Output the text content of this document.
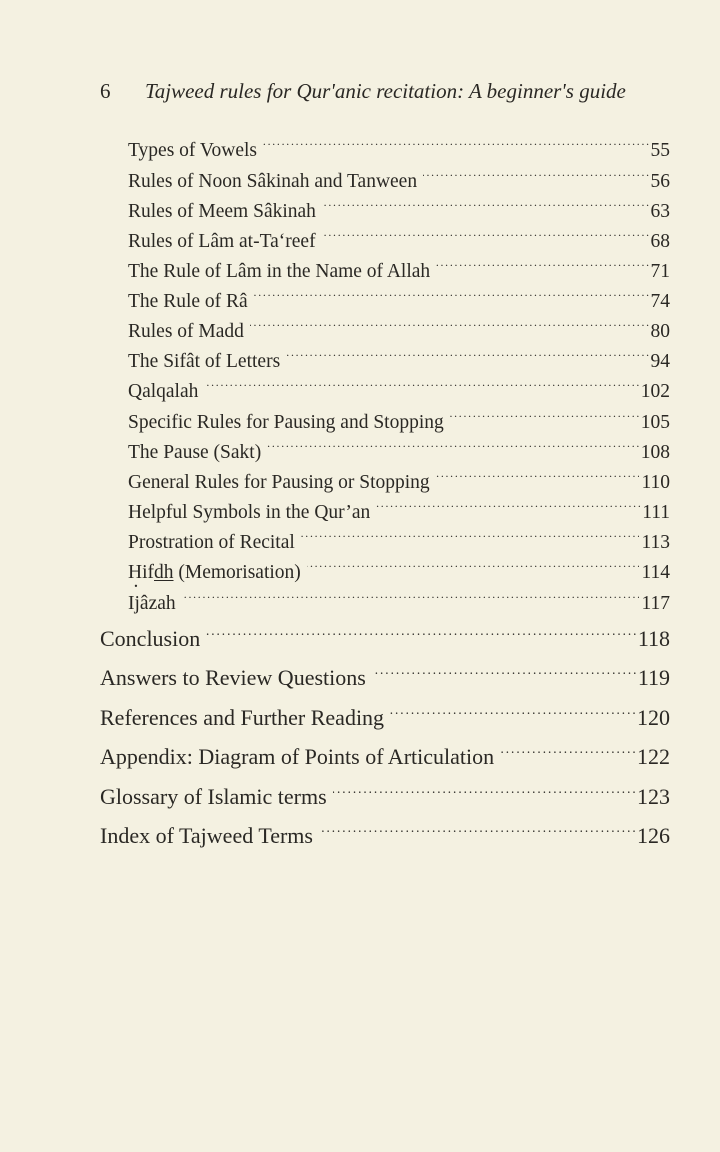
6 Tajweed rules for Qur'anic recitation: A beginner's guide
Types of Vowels . . .	55
Rules of Noon Sâkinah and Tanween . . .	56
Rules of Meem Sâkinah . . .	63
Rules of Lâm at-Ta‘reef . . .	68
The Rule of Lâm in the Name of Allah . . .	71
The Rule of Râ . . .	74
Rules of Madd . . .	80
The Sifât of Letters . . .	94
Qalqalah . . .	102
Specific Rules for Pausing and Stopping . . .	105
The Pause (Sakt) . . .	108
General Rules for Pausing or Stopping . . .	110
Helpful Symbols in the Qur’an . . .	111
Prostration of Recital . . .	113
H .ifdh (Memorisation) . . .	114
Ijâzah . . .	117
Conclusion . . .	118
Answers to Review Questions . . .	119
References and Further Reading . . .	120
Appendix: Diagram of Points of Articulation . . .	122
Glossary of Islamic terms . . .	123
Index of Tajweed Terms . . .	126
